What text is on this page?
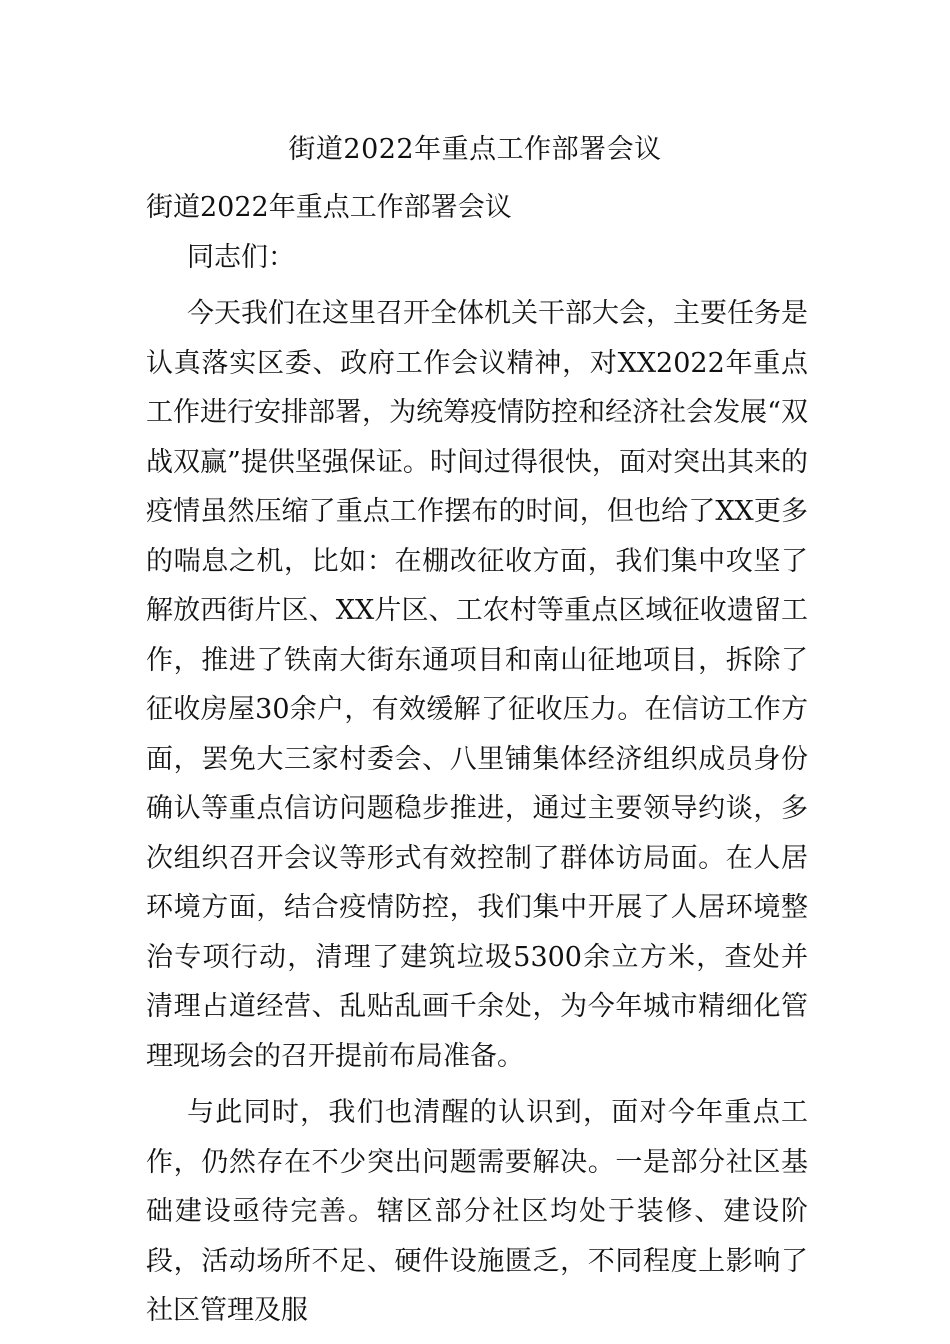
街道2022年重点工作部署会议

街道2022年重点工作部署会议

同志们：

今天我们在这里召开全体机关干部大会，主要任务是认真落实区委、政府工作会议精神，对XX2022年重点工作进行安排部署，为统筹疫情防控和经济社会发展“双战双赢”提供坚强保证。时间过得很快，面对突出其来的疫情虽然压缩了重点工作摆布的时间，但也给了XX更多的喘息之机，比如：在棚改征收方面，我们集中攻坚了解放西街片区、XX片区、工农村等重点区域征收遗留工作，推进了铁南大街东通项目和南山征地项目，拆除了征收房屋30余户，有效缓解了征收压力。在信访工作方面，罢免大三家村委会、八里铺集体经济组织成员身份确认等重点信访问题稳步推进，通过主要领导约谈，多次组织召开会议等形式有效控制了群体访局面。在人居环境方面，结合疫情防控，我们集中开展了人居环境整治专项行动，清理了建筑垃圾5300余立方米，查处并清理占道经营、乱贴乱画千余处，为今年城市精细化管理现场会的召开提前布局准备。

与此同时，我们也清醒的认识到，面对今年重点工作，仍然存在不少突出问题需要解决。一是部分社区基础建设亟待完善。辖区部分社区均处于装修、建设阶段，活动场所不足、硬件设施匮乏，不同程度上影响了社区管理及服
